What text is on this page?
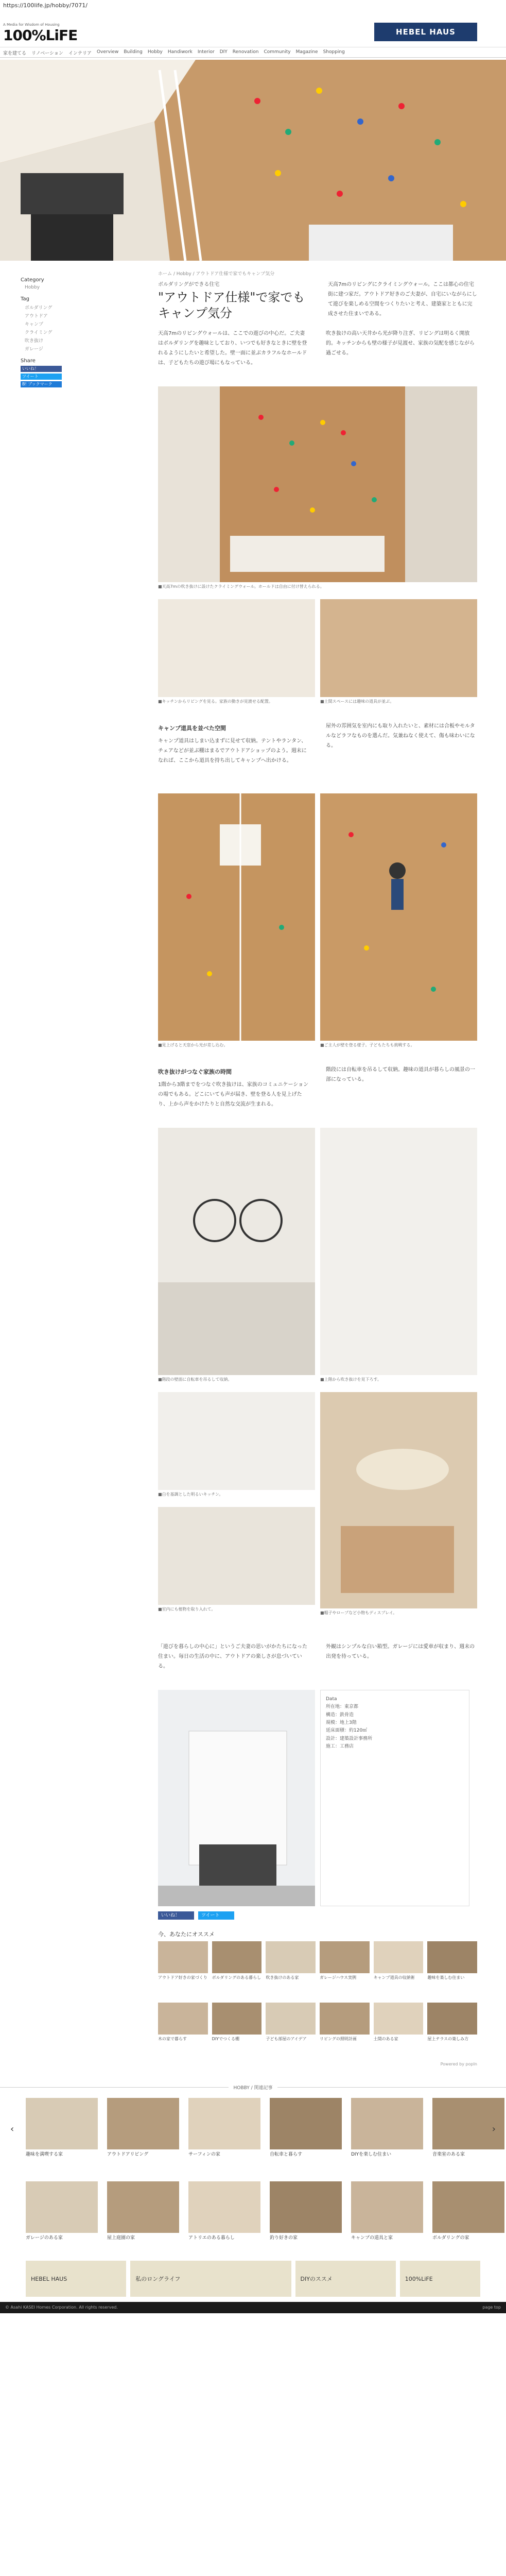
https://100life.jp/hobby/7071/
A Media for Wisdom of Housing
100%LiFE	HEBEL HAUS
家を建てる リノベーション インテリア Overview Building Hobby Handiwork Interior DIY Renovation Community Magazine Shopping
Category
Hobby
Tag
ボルダリング
アウトドア
キャンプ
クライミング
吹き抜け
ガレージ
Share
いいね！
ツイート
B! ブックマーク
ホーム / Hobby / アウトドア仕様で家でもキャンプ気分
ボルダリングができる住宅
"アウトドア仕様"で家でもキャンプ気分
天高7mのリビングにクライミングウォール。ここは都心の住宅街に建つ家だ。アウトドア好きのご夫妻が、自宅にいながらにして遊びを楽しめる空間をつくりたいと考え、建築家とともに完成させた住まいである。
天高7mのリビングウォールは、ここでの遊びの中心だ。ご夫妻はボルダリングを趣味としており、いつでも好きなときに壁を登れるようにしたいと希望した。壁一面に並ぶカラフルなホールドは、子どもたちの遊び場にもなっている。
吹き抜けの高い天井から光が降り注ぎ、リビングは明るく開放的。キッチンからも壁の様子が見渡せ、家族の気配を感じながら過ごせる。
■天高7mの吹き抜けに設けたクライミングウォール。ホールドは自由に付け替えられる。
■キッチンからリビングを見る。家族の動きが見渡せる配置。	■土間スペースには趣味の道具が並ぶ。
キャンプ道具を並べた空間
キャンプ道具はしまい込まずに見せて収納。テントやランタン、チェアなどが並ぶ棚はまるでアウトドアショップのよう。週末になれば、ここから道具を持ち出してキャンプへ出かける。
屋外の雰囲気を室内にも取り入れたいと、素材には合板やモルタルなどラフなものを選んだ。気兼ねなく使えて、傷も味わいになる。
■見上げると天窓から光が差し込む。	■ご主人が壁を登る様子。子どもたちも挑戦する。
吹き抜けがつなぐ家族の時間
1階から3階までをつなぐ吹き抜けは、家族のコミュニケーションの場でもある。どこにいても声が届き、壁を登る人を見上げたり、上から声をかけたりと自然な交流が生まれる。
階段には自転車を吊るして収納。趣味の道具が暮らしの風景の一部になっている。
■階段の壁面に自転車を吊るして収納。	■上階から吹き抜けを見下ろす。
■白を基調とした明るいキッチン。
■室内にも植物を取り入れて。
■帽子やロープなど小物もディスプレイ。
「遊びを暮らしの中心に」というご夫妻の思いがかたちになった住まい。毎日の生活の中に、アウトドアの楽しさが息づいている。
外観はシンプルな白い箱型。ガレージには愛車が収まり、週末の出発を待っている。
Data
所在地：東京都
構造：鉄骨造
規模：地上3階
延床面積：約120㎡
設計：建築設計事務所
施工：工務店
いいね！	ツイート
今、あなたにオススメ
アウトドア好きの家づくり ボルダリングのある暮らし 吹き抜けのある家	ガレージハウス実例	キャンプ道具の収納術	趣味を楽しむ住まい
木の家で暮らす	DIYでつくる棚	子ども部屋のアイデア	リビングの照明計画	土間のある家	屋上テラスの楽しみ方
Powered by popIn
HOBBY / 関連記事
‹	›
趣味を満喫する家	アウトドアリビング	サーフィンの家	自転車と暮らす	DIYを楽しむ住まい	音楽室のある家
ガレージのある家	屋上庭園の家	アトリエのある暮らし	釣り好きの家	キャンプの道具と家	ボルダリングの家
HEBEL HAUS	私のロングライフ	DIYのススメ	100%LiFE
© Asahi KASEI Homes Corporation. All rights reserved.	page top
